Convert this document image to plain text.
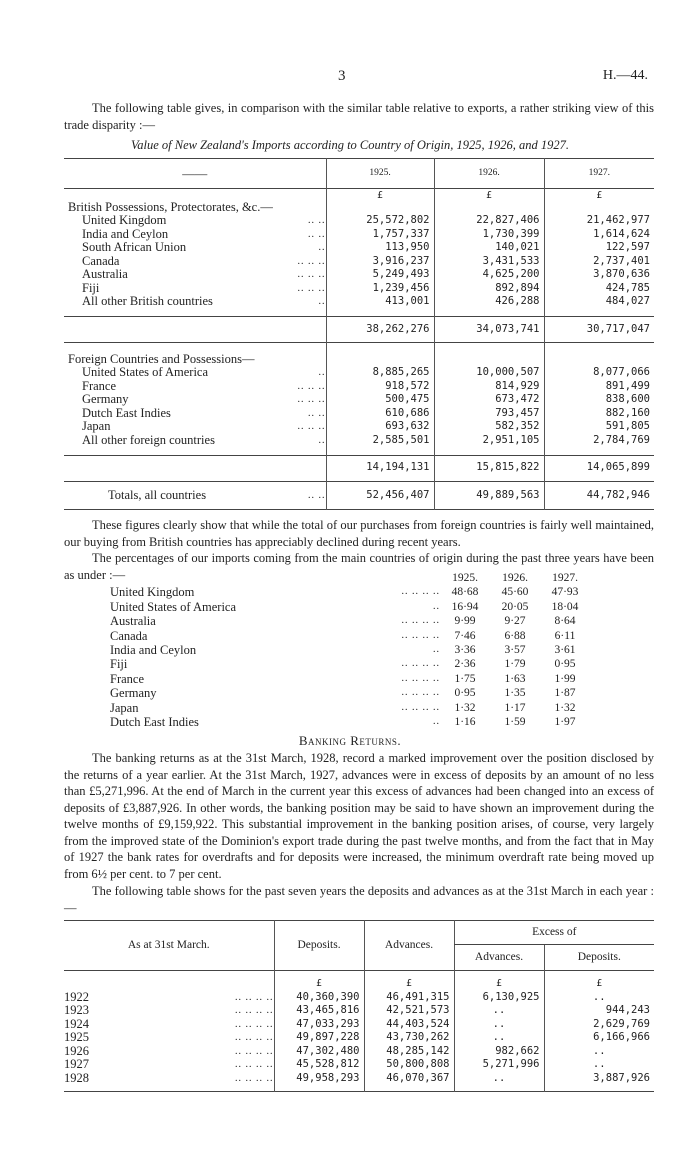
3	H.—44.
The following table gives, in comparison with the similar table relative to exports, a rather striking view of this trade disparity :—
Value of New Zealand's Imports according to Country of Origin, 1925, 1926, and 1927.
——	1925.	1926.	1927.

British Possessions, Protectorates, &c.—	£	£	£
United Kingdom .. ..	25,572,802	22,827,406	21,462,977
India and Ceylon .. ..	1,757,337	1,730,399	1,614,624
South African Union ..	113,950	140,021	122,597
Canada .. .. ..	3,916,237	3,431,533	2,737,401
Australia .. .. ..	5,249,493	4,625,200	3,870,636
Fiji .. .. ..	1,239,456	892,894	424,785
All other British countries ..	413,001	426,288	484,027

	38,262,276	34,073,741	30,717,047

Foreign Countries and Possessions—			
United States of America ..	8,885,265	10,000,507	8,077,066
France .. .. ..	918,572	814,929	891,499
Germany .. .. ..	500,475	673,472	838,600
Dutch East Indies .. ..	610,686	793,457	882,160
Japan .. .. ..	693,632	582,352	591,805
All other foreign countries ..	2,585,501	2,951,105	2,784,769

	14,194,131	15,815,822	14,065,899

Totals, all countries .. ..	52,456,407	49,889,563	44,782,946
These figures clearly show that while the total of our purchases from foreign countries is fairly well maintained, our buying from British countries has appreciably declined during recent years.
The percentages of our imports coming from the main countries of origin during the past three years have been as under :—
		1925.	1926.	1927.
United Kingdom .. .. .. ..	48·68	45·60	47·93
United States of America ..	16·94	20·05	18·04
Australia .. .. .. ..	9·99	9·27	8·64
Canada .. .. .. ..	7·46	6·88	6·11
India and Ceylon ..	3·36	3·57	3·61
Fiji .. .. .. ..	2·36	1·79	0·95
France .. .. .. ..	1·75	1·63	1·99
Germany .. .. .. ..	0·95	1·35	1·87
Japan .. .. .. ..	1·32	1·17	1·32
Dutch East Indies ..	1·16	1·59	1·97
Banking Returns.
The banking returns as at the 31st March, 1928, record a marked improvement over the position disclosed by the returns of a year earlier. At the 31st March, 1927, advances were in excess of deposits by an amount of no less than £5,271,996. At the end of March in the current year this excess of advances had been changed into an excess of deposits of £3,887,926. In other words, the banking position may be said to have shown an improvement during the twelve months of £9,159,922. This substantial improvement in the banking position arises, of course, very largely from the improved state of the Dominion's export trade during the past twelve months, and from the fact that in May of 1927 the bank rates for overdrafts and for deposits were increased, the minimum overdraft rate being moved up from 6½ per cent. to 7 per cent.
The following table shows for the past seven years the deposits and advances as at the 31st March in each year :—
As at 31st March.	Deposits.	Advances.	Excess of	
			Advances.	Deposits.
	£	£	£	£
1922 .. .. .. ..	40,360,390	46,491,315	6,130,925	..
1923 .. .. .. ..	43,465,816	42,521,573	..	944,243
1924 .. .. .. ..	47,033,293	44,403,524	..	2,629,769
1925 .. .. .. ..	49,897,228	43,730,262	..	6,166,966
1926 .. .. .. ..	47,302,480	48,285,142	982,662	..
1927 .. .. .. ..	45,528,812	50,800,808	5,271,996	..
1928 .. .. .. ..	49,958,293	46,070,367	..	3,887,926
